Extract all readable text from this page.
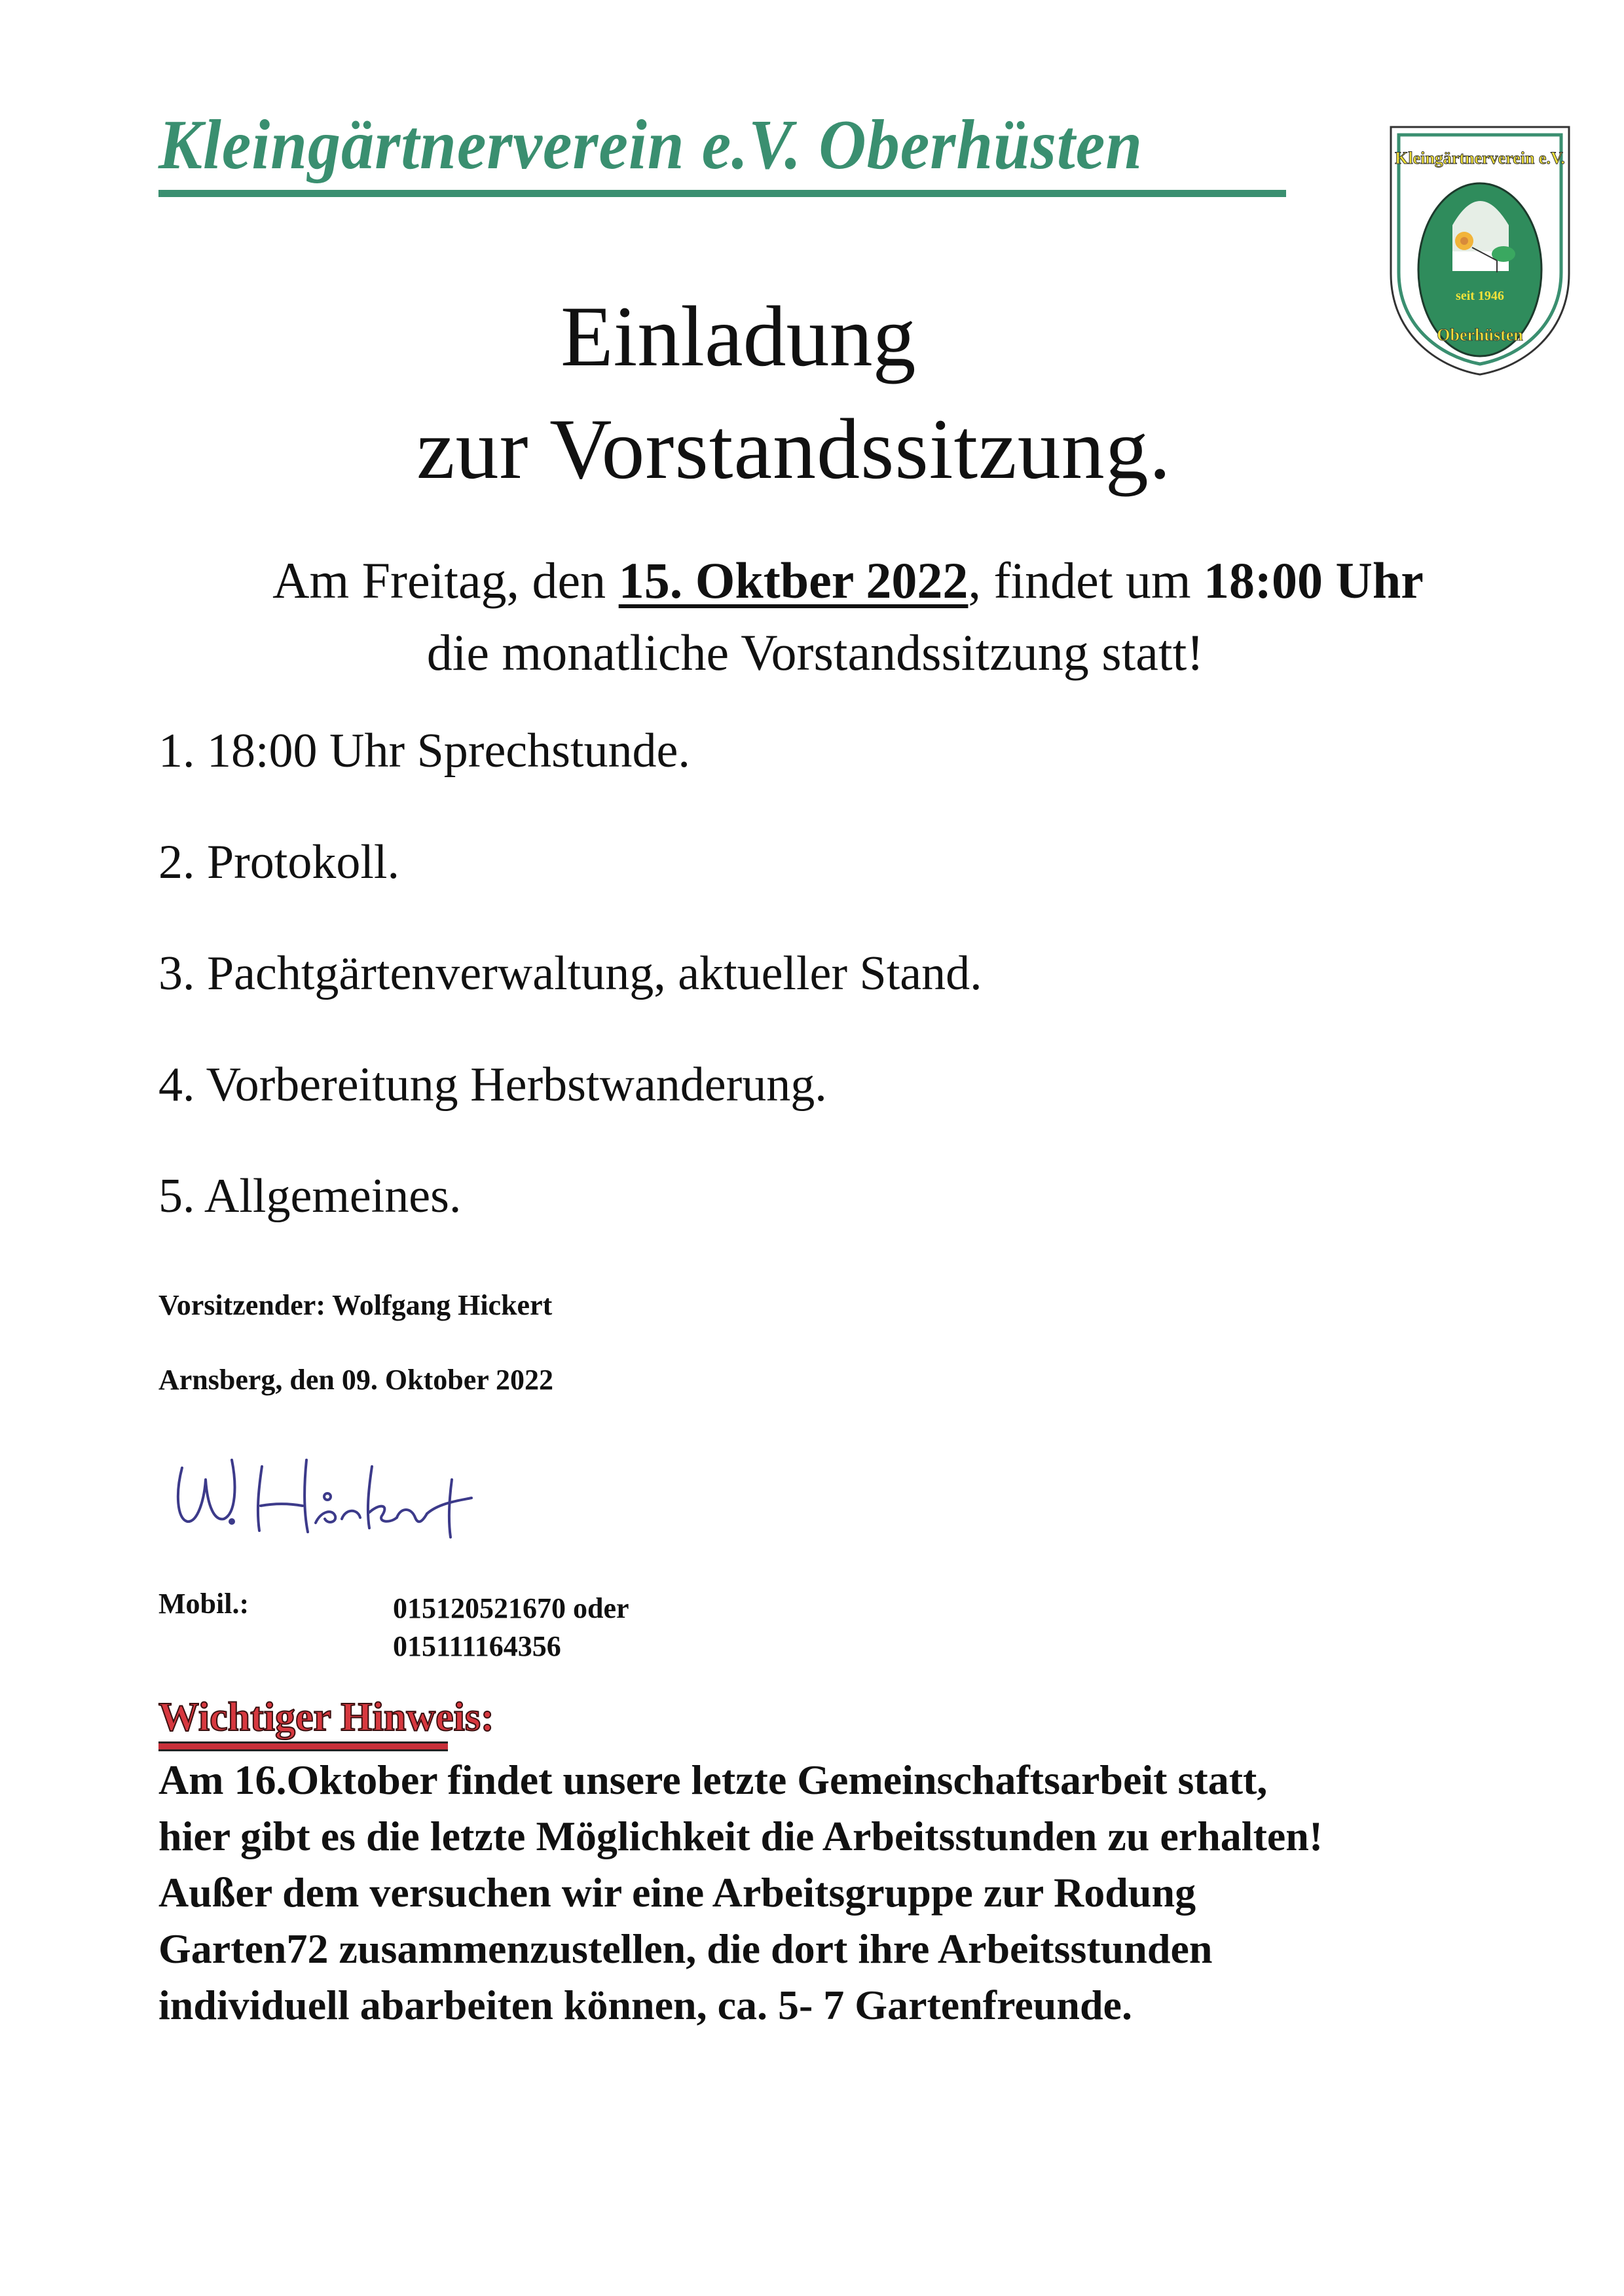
Kleingärtnerverein e.V. Oberhüsten	Kleingärtnerverein e.V.
seit 1946
Oberhüsten
Einladung
zur Vorstandssitzung.
Am Freitag, den 15. Oktber 2022, findet um 18:00 Uhr
die monatliche Vorstandssitzung statt!
1. 18:00 Uhr Sprechstunde.
2. Protokoll.
3. Pachtgärtenverwaltung, aktueller Stand.
4. Vorbereitung Herbstwanderung.
5. Allgemeines.
Vorsitzender: Wolfgang Hickert
Arnsberg, den 09. Oktober 2022
Mobil.:	015120521670 oder
015111164356
Wichtiger Hinweis:
Am 16.Oktober findet unsere letzte Gemeinschaftsarbeit statt,
hier gibt es die letzte Möglichkeit die Arbeitsstunden zu erhalten!
Außer dem versuchen wir eine Arbeitsgruppe zur Rodung
Garten72 zusammenzustellen, die dort ihre Arbeitsstunden
individuell abarbeiten können, ca. 5- 7 Gartenfreunde.
